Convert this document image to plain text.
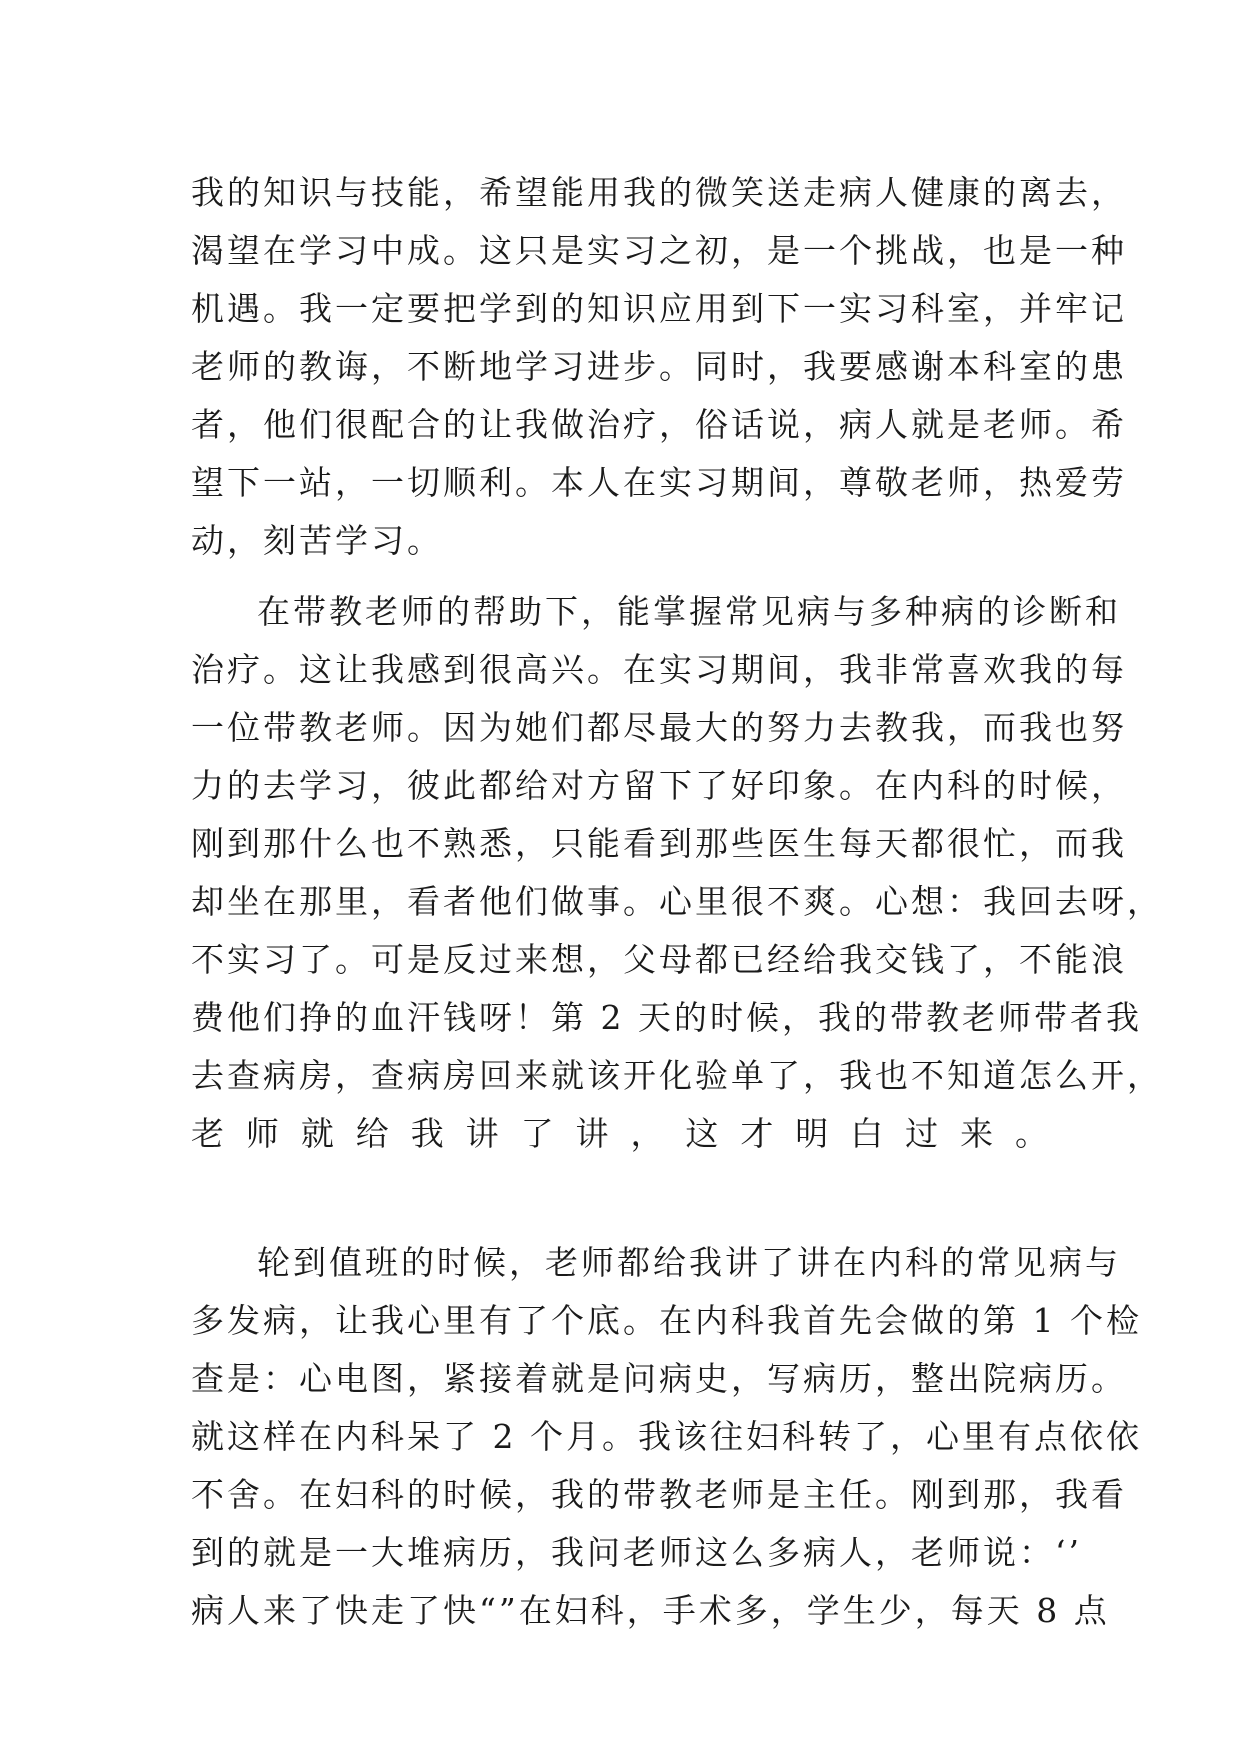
我的知识与技能，希望能用我的微笑送走病人健康的离去，
渴望在学习中成。这只是实习之初，是一个挑战，也是一种
机遇。我一定要把学到的知识应用到下一实习科室，并牢记
老师的教诲，不断地学习进步。同时，我要感谢本科室的患
者，他们很配合的让我做治疗，俗话说，病人就是老师。希
望下一站，一切顺利。本人在实习期间，尊敬老师，热爱劳
动，刻苦学习。
在带教老师的帮助下，能掌握常见病与多种病的诊断和
治疗。这让我感到很高兴。在实习期间，我非常喜欢我的每
一位带教老师。因为她们都尽最大的努力去教我，而我也努
力的去学习，彼此都给对方留下了好印象。在内科的时候，
刚到那什么也不熟悉，只能看到那些医生每天都很忙，而我
却坐在那里，看者他们做事。心里很不爽。心想：我回去呀，
不实习了。可是反过来想，父母都已经给我交钱了，不能浪
费他们挣的血汗钱呀！第 2 天的时候，我的带教老师带者我
去查病房，查病房回来就该开化验单了，我也不知道怎么开，
老师就给我讲了讲，这才明白过来。
轮到值班的时候，老师都给我讲了讲在内科的常见病与
多发病，让我心里有了个底。在内科我首先会做的第 1 个检
查是：心电图，紧接着就是问病史，写病历，整出院病历。
就这样在内科呆了 2 个月。我该往妇科转了，心里有点依依
不舍。在妇科的时候，我的带教老师是主任。刚到那，我看
到的就是一大堆病历，我问老师这么多病人，老师说：‘’
病人来了快走了快“”在妇科，手术多，学生少，每天 8 点
